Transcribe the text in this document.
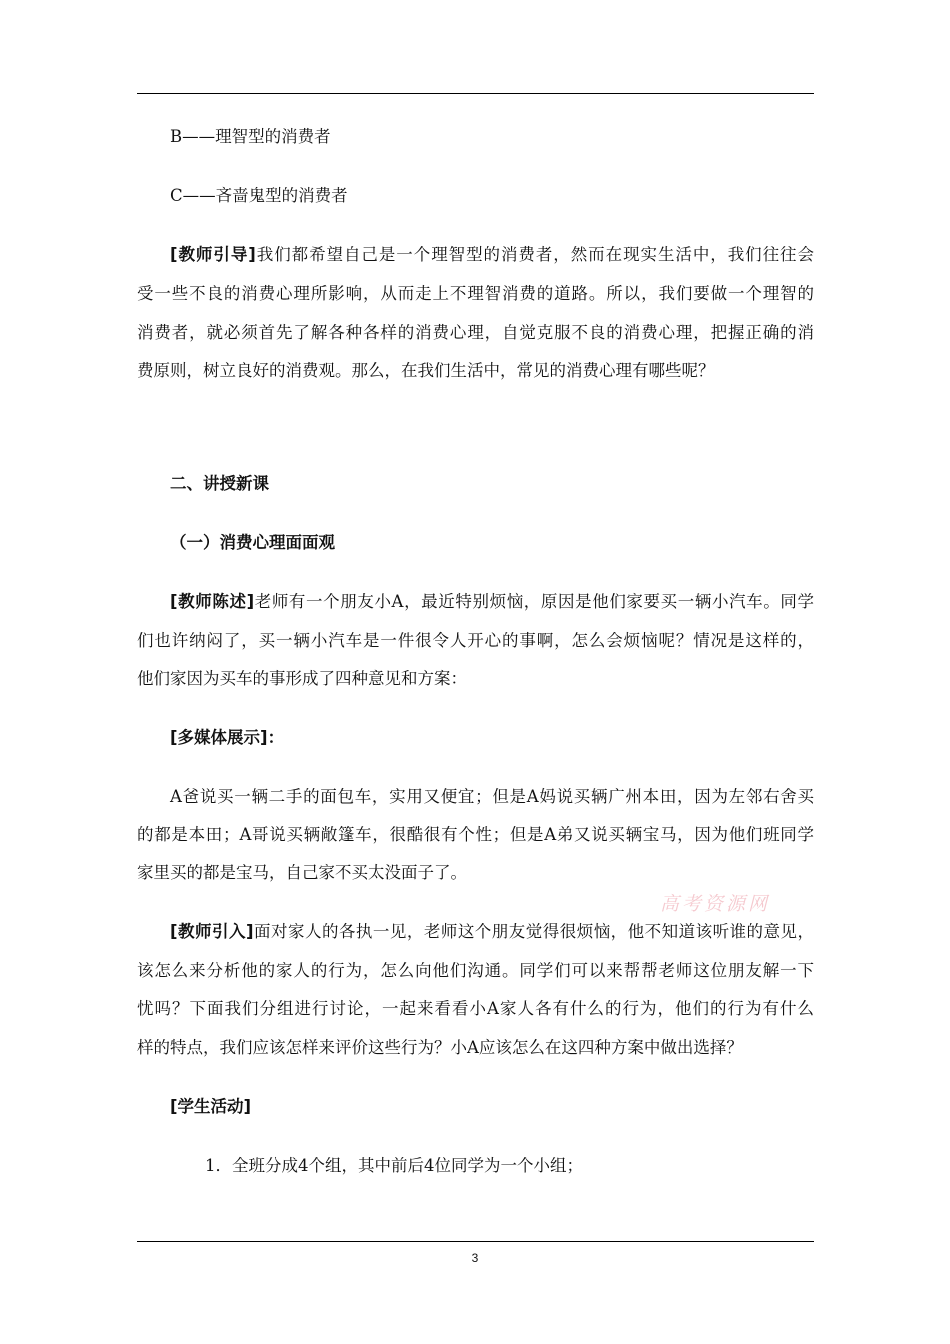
B——理智型的消费者
C——吝啬鬼型的消费者
[教师引导]我们都希望自己是一个理智型的消费者，然而在现实生活中，我们往往会
受一些不良的消费心理所影响，从而走上不理智消费的道路。所以，我们要做一个理智的
消费者，就必须首先了解各种各样的消费心理，自觉克服不良的消费心理，把握正确的消
费原则，树立良好的消费观。那么，在我们生活中，常见的消费心理有哪些呢？
二、讲授新课
（一）消费心理面面观
[教师陈述]老师有一个朋友小A，最近特别烦恼，原因是他们家要买一辆小汽车。同学
们也许纳闷了，买一辆小汽车是一件很令人开心的事啊，怎么会烦恼呢？情况是这样的，
他们家因为买车的事形成了四种意见和方案：
[多媒体展示]：
A爸说买一辆二手的面包车，实用又便宜；但是A妈说买辆广州本田，因为左邻右舍买
的都是本田；A哥说买辆敞篷车，很酷很有个性；但是A弟又说买辆宝马，因为他们班同学
家里买的都是宝马，自己家不买太没面子了。
高考资源网
[教师引入]面对家人的各执一见，老师这个朋友觉得很烦恼，他不知道该听谁的意见，
该怎么来分析他的家人的行为，怎么向他们沟通。同学们可以来帮帮老师这位朋友解一下
忧吗？下面我们分组进行讨论，一起来看看小A家人各有什么的行为，他们的行为有什么
样的特点，我们应该怎样来评价这些行为？小A应该怎么在这四种方案中做出选择？
[学生活动]
1．全班分成4个组，其中前后4位同学为一个小组；
3
